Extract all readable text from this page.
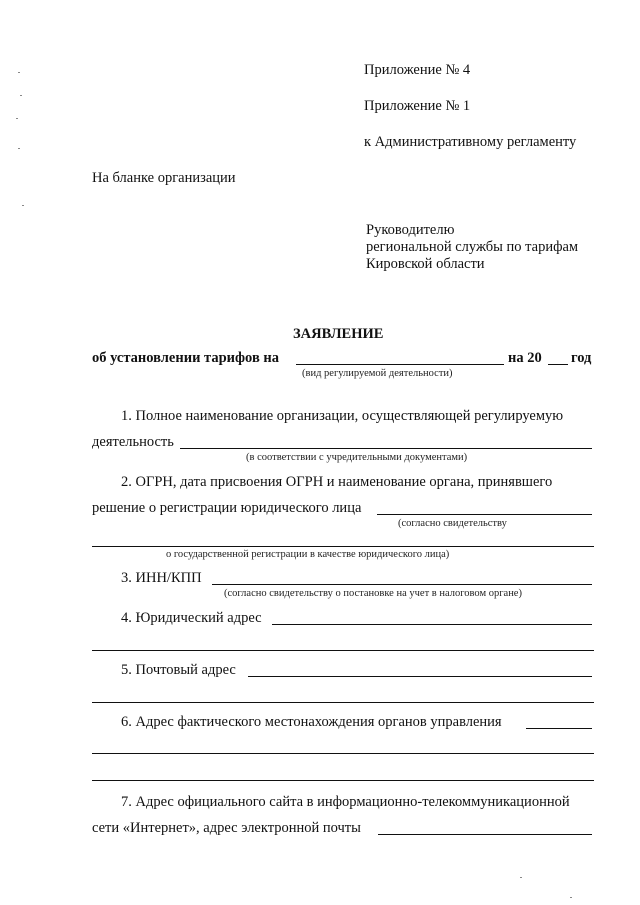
Приложение № 4
Приложение № 1
к Административному регламенту
На бланке организации
Руководителю
региональной службы по тарифам
Кировской области
ЗАЯВЛЕНИЕ
об установлении тарифов на	на 20 год
(вид регулируемой деятельности)
1. Полное наименование организации, осуществляющей регулируемую
деятельность
(в соответствии с учредительными документами)
2. ОГРН, дата присвоения ОГРН и наименование органа, принявшего
решение о регистрации юридического лица
(согласно свидетельству
о государственной регистрации в качестве юридического лица)
3. ИНН/КПП
(согласно свидетельству о постановке на учет в налоговом органе)
4. Юридический адрес
5. Почтовый адрес
6. Адрес фактического местонахождения органов управления
7. Адрес официального сайта в информационно-телекоммуникационной
сети «Интернет», адрес электронной почты
